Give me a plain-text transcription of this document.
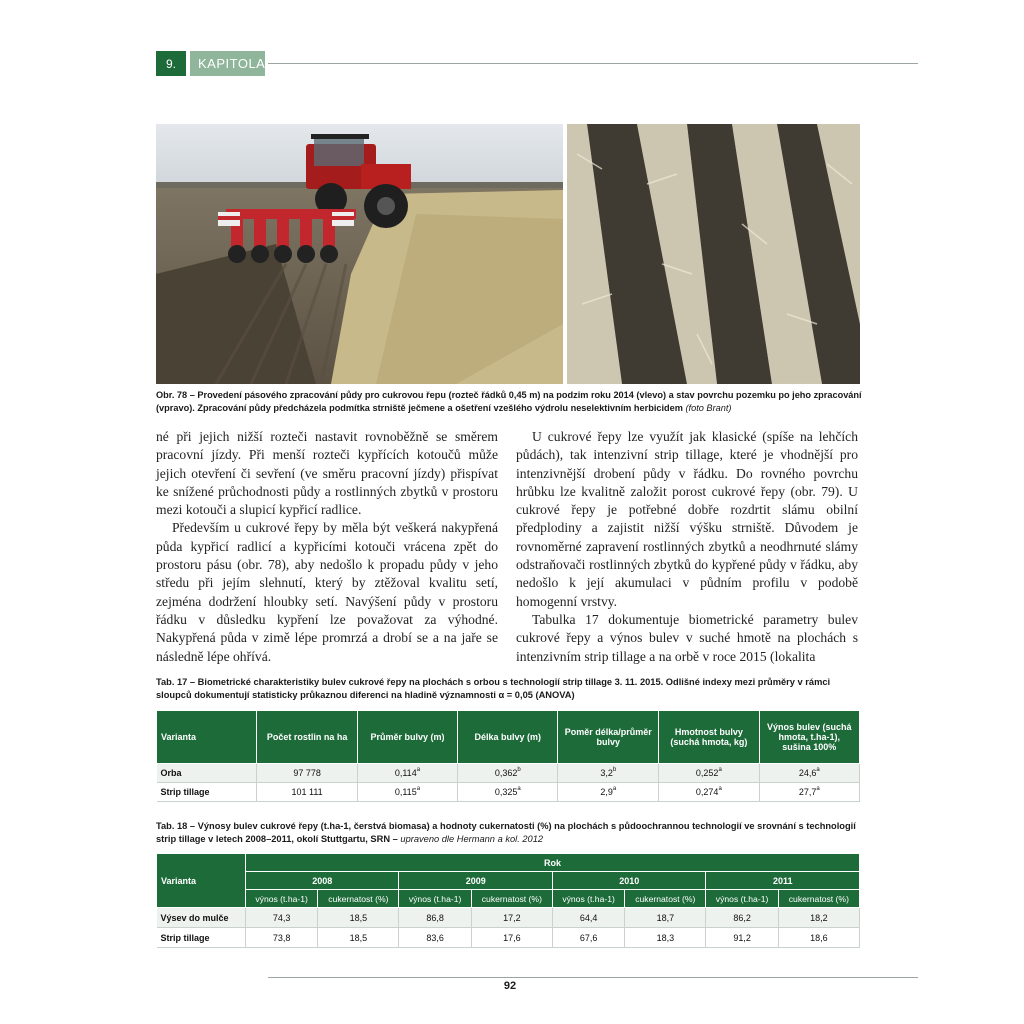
9.	KAPITOLA
Obr. 78 – Provedení pásového zpracování půdy pro cukrovou řepu (rozteč řádků 0,45 m) na podzim roku 2014 (vlevo) a stav povrchu pozemku po jeho zpracování (vpravo). Zpracování půdy předcházela podmítka strniště ječmene a ošetření vzešlého výdrolu neselektivním herbicidem (foto Brant)

né při jejich nižší rozteči nastavit rovnoběžně se směrem pracovní jízdy. Při menší rozteči kypřících kotoučů může jejich otevření či sevření (ve směru pracovní jízdy) přispívat ke snížené průchodnosti půdy a rostlinných zbytků v prostoru mezi kotouči a slupicí kypřicí radlice.

Především u cukrové řepy by měla být veškerá nakypřená půda kypřicí radlicí a kypřicími kotouči vrácena zpět do prostoru pásu (obr. 78), aby nedošlo k propadu půdy v jeho středu při jejím slehnutí, který by ztěžoval kvalitu setí, zejména dodržení hloubky setí. Navýšení půdy v prostoru řádku v důsledku kypření lze považovat za výhodné. Nakypřená půda v zimě lépe promrzá a drobí se a na jaře se následně lépe ohřívá.

U cukrové řepy lze využít jak klasické (spíše na lehčích půdách), tak intenzivní strip tillage, které je vhodnější pro intenzivnější drobení půdy v řádku. Do rovného povrchu hrůbku lze kvalitně založit porost cukrové řepy (obr. 79). U cukrové řepy je potřebné dobře rozdrtit slámu obilní předplodiny a zajistit nižší výšku strniště. Důvodem je rovnoměrné zapravení rostlinných zbytků a neodhrnuté slámy odstraňovači rostlinných zbytků do kypřené půdy v řádku, aby nedošlo k její akumulaci v půdním profilu v podobě homogenní vrstvy.

Tabulka 17 dokumentuje biometrické parametry bulev cukrové řepy a výnos bulev v suché hmotě na plochách s intenzivním strip tillage a na orbě v roce 2015 (lokalita

Tab. 17 – Biometrické charakteristiky bulev cukrové řepy na plochách s orbou s technologií strip tillage 3. 11. 2015. Odlišné indexy mezi průměry v rámci sloupců dokumentují statisticky průkaznou diferenci na hladině významnosti α = 0,05 (ANOVA)
Varianta	Počet rostlin na ha	Průměr bulvy (m)	Délka bulvy (m)	Poměr délka/průměr bulvy	Hmotnost bulvy (suchá hmota, kg)	Výnos bulev (suchá hmota, t.ha-1), sušina 100%
Orba	97 778	0,114$^a$	0,362$^b$	3,2$^b$	0,252$^a$	24,6$^a$
Strip tillage	101 111	0,115$^a$	0,325$^a$	2,9$^a$	0,274$^a$	27,7$^a$
Tab. 18 – Výnosy bulev cukrové řepy (t.ha-1, čerstvá biomasa) a hodnoty cukernatosti (%) na plochách s půdoochrannou technologií ve srovnání s technologií strip tillage v letech 2008–2011, okolí Stuttgartu, SRN – upraveno dle Hermann a kol. 2012
Varianta	Rok							
	2008		2009		2010		2011	
	výnos (t.ha-1)	cukernatost (%)	výnos (t.ha-1)	cukernatost (%)	výnos (t.ha-1)	cukernatost (%)	výnos (t.ha-1)	cukernatost (%)
Výsev do mulče	74,3	18,5	86,8	17,2	64,4	18,7	86,2	18,2
Strip tillage	73,8	18,5	83,6	17,6	67,6	18,3	91,2	18,6
92
